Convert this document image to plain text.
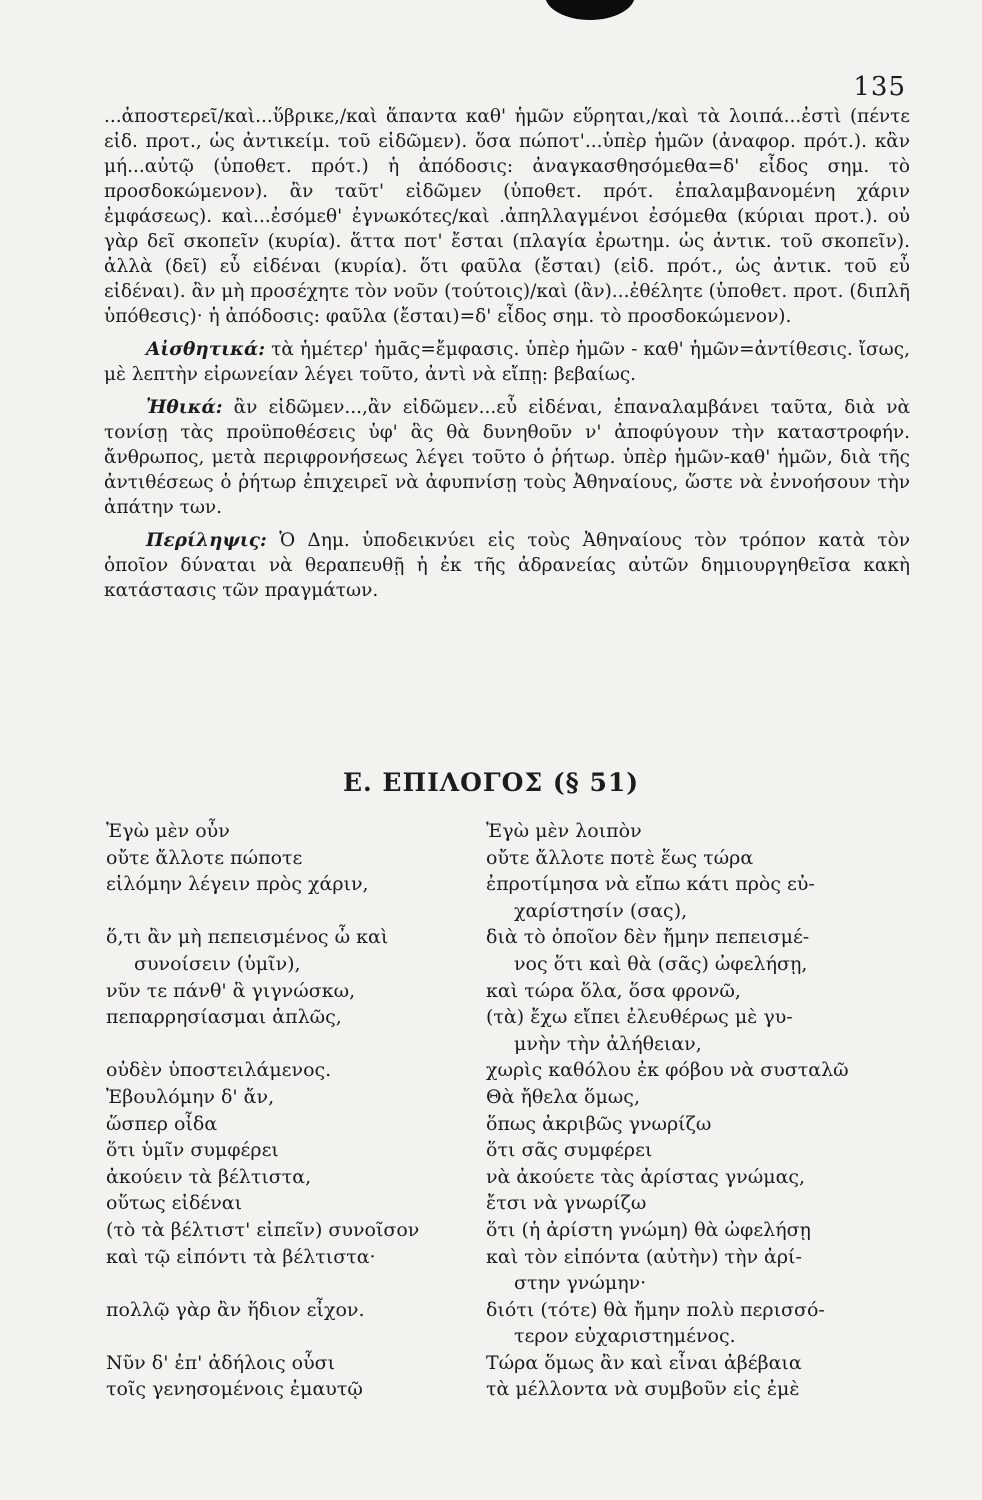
135

...ἀποστερεῖ/καὶ...ὕβρικε,/καὶ ἅπαντα καθ' ἡμῶν εὕρηται,/καὶ τὰ λοιπά...ἐστὶ (πέντε εἰδ. προτ., ὡς ἀντικείμ. τοῦ εἰδῶμεν). ὅσα πώποτ'...ὑπὲρ ἡμῶν (ἀναφορ. πρότ.). κἂν μή...αὐτῷ (ὑποθετ. πρότ.) ἡ ἀπόδοσις: ἀναγκασθησόμεθα=δ' εἶδος σημ. τὸ προσδοκώμενον). ἂν ταῦτ' εἰδῶμεν (ὑποθετ. πρότ. ἐπαλαμβανομένη χάριν ἐμφάσεως). καὶ...ἐσόμεθ' ἐγνωκότες/καὶ .ἀπηλλαγμένοι ἐσόμεθα (κύριαι προτ.). οὐ γὰρ δεῖ σκοπεῖν (κυρία). ἅττα ποτ' ἔσται (πλαγία ἐρωτημ. ὡς ἀντικ. τοῦ σκοπεῖν). ἀλλὰ (δεῖ) εὖ εἰδέναι (κυρία). ὅτι φαῦλα (ἔσται) (εἰδ. πρότ., ὡς ἀντικ. τοῦ εὖ εἰδέναι). ἂν μὴ προσέχητε τὸν νοῦν (τούτοις)/καὶ (ἂν)...ἐθέλητε (ὑποθετ. προτ. (διπλῆ ὑπόθεσις)· ἡ ἀπόδοσις: φαῦλα (ἔσται)=δ' εἶδος σημ. τὸ προσδοκώμενον).

Αἰσθητικά: τὰ ἡμέτερ' ἡμᾶς=ἔμφασις. ὑπὲρ ἡμῶν - καθ' ἡμῶν=ἀντίθεσις. ἴσως, μὲ λεπτὴν εἰρωνείαν λέγει τοῦτο, ἀντὶ νὰ εἴπῃ: βεβαίως.

Ἠθικά: ἂν εἰδῶμεν...,ἂν εἰδῶμεν...εὖ εἰδέναι, ἐπαναλαμβάνει ταῦτα, διὰ νὰ τονίσῃ τὰς προϋποθέσεις ὑφ' ἃς θὰ δυνηθοῦν ν' ἀποφύγουν τὴν καταστροφήν. ἄνθρωπος, μετὰ περιφρονήσεως λέγει τοῦτο ὁ ῥήτωρ. ὑπὲρ ἡμῶν-καθ' ἡμῶν, διὰ τῆς ἀντιθέσεως ὁ ῥήτωρ ἐπιχειρεῖ νὰ ἀφυπνίσῃ τοὺς Ἀθηναίους, ὥστε νὰ ἐννοήσουν τὴν ἀπάτην των.

Περίληψις: Ὁ Δημ. ὑποδεικνύει εἰς τοὺς Ἀθηναίους τὸν τρόπον κατὰ τὸν ὁποῖον δύναται νὰ θεραπευθῇ ἡ ἐκ τῆς ἀδρανείας αὐτῶν δημιουργηθεῖσα κακὴ κατάστασις τῶν πραγμάτων.

Ε. ΕΠΙΛΟΓΟΣ (§ 51)
Ἐγὼ μὲν οὖν
οὔτε ἄλλοτε πώποτε
εἱλόμην λέγειν πρὸς χάριν,
ὅ,τι ἂν μὴ πεπεισμένος ὦ καὶ
συνοίσειν (ὑμῖν),
νῦν τε πάνθ' ἃ γιγνώσκω,
πεπαρρησίασμαι ἁπλῶς,
οὐδὲν ὑποστειλάμενος.
Ἐβουλόμην δ' ἄν,
ὥσπερ οἶδα
ὅτι ὑμῖν συμφέρει
ἀκούειν τὰ βέλτιστα,
οὕτως εἰδέναι
(τὸ τὰ βέλτιστ' εἰπεῖν) συνοῖσον
καὶ τῷ εἰπόντι τὰ βέλτιστα·
πολλῷ γὰρ ἂν ἥδιον εἶχον.
Νῦν δ' ἐπ' ἀδήλοις οὖσι
τοῖς γενησομένοις ἐμαυτῷ
Ἐγὼ μὲν λοιπὸν
οὔτε ἄλλοτε ποτὲ ἕως τώρα
ἐπροτίμησα νὰ εἴπω κάτι πρὸς εὐ-
χαρίστησίν (σας),
διὰ τὸ ὁποῖον δὲν ἤμην πεπεισμέ-
νος ὅτι καὶ θὰ (σᾶς) ὠφελήσῃ,
καὶ τώρα ὅλα, ὅσα φρονῶ,
(τὰ) ἔχω εἴπει ἐλευθέρως μὲ γυ-
μνὴν τὴν ἀλήθειαν,
χωρὶς καθόλου ἐκ φόβου νὰ συσταλῶ
Θὰ ἤθελα ὅμως,
ὅπως ἀκριβῶς γνωρίζω
ὅτι σᾶς συμφέρει
νὰ ἀκούετε τὰς ἀρίστας γνώμας,
ἔτσι νὰ γνωρίζω
ὅτι (ἡ ἀρίστη γνώμη) θὰ ὠφελήσῃ
καὶ τὸν εἰπόντα (αὐτὴν) τὴν ἀρί-
στην γνώμην·
διότι (τότε) θὰ ἤμην πολὺ περισσό-
τερον εὐχαριστημένος.
Τώρα ὅμως ἂν καὶ εἶναι ἀβέβαια
τὰ μέλλοντα νὰ συμβοῦν εἰς ἐμὲ
